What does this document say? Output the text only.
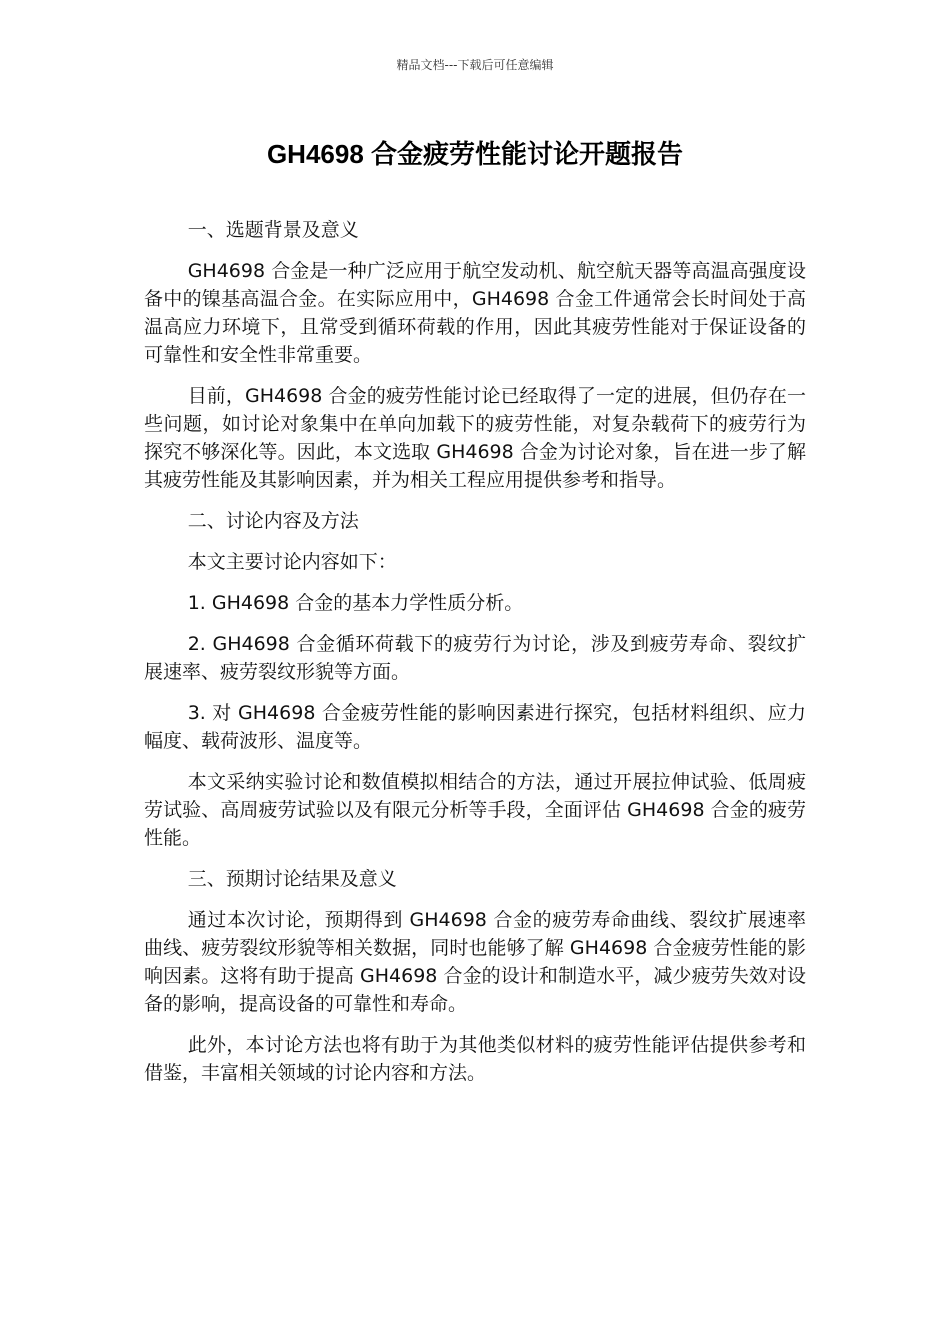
精品文档---下载后可任意编辑
GH4698 合金疲劳性能讨论开题报告

一、选题背景及意义

GH4698 合金是一种广泛应用于航空发动机、航空航天器等高温高强度设备中的镍基高温合金。在实际应用中，GH4698 合金工件通常会长时间处于高温高应力环境下，且常受到循环荷载的作用，因此其疲劳性能对于保证设备的可靠性和安全性非常重要。

目前，GH4698 合金的疲劳性能讨论已经取得了一定的进展，但仍存在一些问题，如讨论对象集中在单向加载下的疲劳性能，对复杂载荷下的疲劳行为探究不够深化等。因此，本文选取 GH4698 合金为讨论对象，旨在进一步了解其疲劳性能及其影响因素，并为相关工程应用提供参考和指导。

二、讨论内容及方法

本文主要讨论内容如下：

1. GH4698 合金的基本力学性质分析。

2. GH4698 合金循环荷载下的疲劳行为讨论，涉及到疲劳寿命、裂纹扩展速率、疲劳裂纹形貌等方面。

3. 对 GH4698 合金疲劳性能的影响因素进行探究，包括材料组织、应力幅度、载荷波形、温度等。

本文采纳实验讨论和数值模拟相结合的方法，通过开展拉伸试验、低周疲劳试验、高周疲劳试验以及有限元分析等手段，全面评估 GH4698 合金的疲劳性能。

三、预期讨论结果及意义

通过本次讨论，预期得到 GH4698 合金的疲劳寿命曲线、裂纹扩展速率曲线、疲劳裂纹形貌等相关数据，同时也能够了解 GH4698 合金疲劳性能的影响因素。这将有助于提高 GH4698 合金的设计和制造水平，减少疲劳失效对设备的影响，提高设备的可靠性和寿命。

此外，本讨论方法也将有助于为其他类似材料的疲劳性能评估提供参考和借鉴，丰富相关领域的讨论内容和方法。
